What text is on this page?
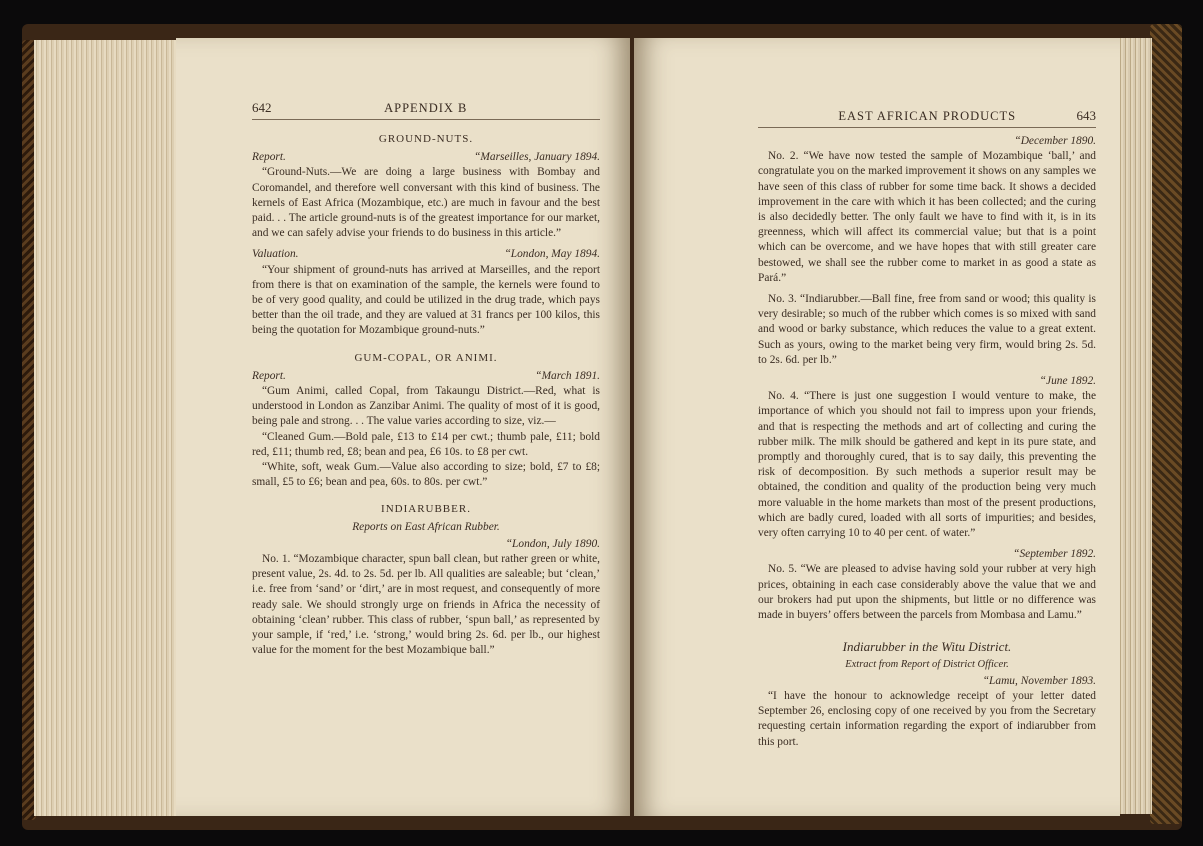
642	APPENDIX B
GROUND-NUTS.
Report.	“Marseilles, January 1894.

“Ground-Nuts.—We are doing a large business with Bombay and Coromandel, and therefore well conversant with this kind of business. The kernels of East Africa (Mozambique, etc.) are much in favour and the best paid. . . The article ground-nuts is of the greatest importance for our market, and we can safely advise your friends to do business in this article.”

Valuation.	“London, May 1894.

“Your shipment of ground-nuts has arrived at Marseilles, and the report from there is that on examination of the sample, the kernels were found to be of very good quality, and could be utilized in the drug trade, which pays better than the oil trade, and they are valued at 31 francs per 100 kilos, this being the quotation for Mozambique ground-nuts.”

GUM-COPAL, OR ANIMI.
Report.	“March 1891.

“Gum Animi, called Copal, from Takaungu District.—Red, what is understood in London as Zanzibar Animi. The quality of most of it is good, being pale and strong. . . The value varies according to size, viz.—

“Cleaned Gum.—Bold pale, £13 to £14 per cwt.; thumb pale, £11; bold red, £11; thumb red, £8; bean and pea, £6 10s. to £8 per cwt.

“White, soft, weak Gum.—Value also according to size; bold, £7 to £8; small, £5 to £6; bean and pea, 60s. to 80s. per cwt.”

INDIARUBBER.
Reports on East African Rubber.
“London, July 1890.

No. 1. “Mozambique character, spun ball clean, but rather green or white, present value, 2s. 4d. to 2s. 5d. per lb. All qualities are saleable; but ‘clean,’ i.e. free from ‘sand’ or ‘dirt,’ are in most request, and consequently of more ready sale. We should strongly urge on friends in Africa the necessity of obtaining ‘clean’ rubber. This class of rubber, ‘spun ball,’ as represented by your sample, if ‘red,’ i.e. ‘strong,’ would bring 2s. 6d. per lb., our highest value for the moment for the best Mozambique ball.”

EAST AFRICAN PRODUCTS	643
“December 1890.

No. 2. “We have now tested the sample of Mozambique ‘ball,’ and congratulate you on the marked improvement it shows on any samples we have seen of this class of rubber for some time back. It shows a decided improvement in the care with which it has been collected; and the curing is also decidedly better. The only fault we have to find with it, is in its greenness, which will affect its commercial value; but that is a point which can be overcome, and we have hopes that with still greater care bestowed, we shall see the rubber come to market in as good a state as Pará.”

No. 3. “Indiarubber.—Ball fine, free from sand or wood; this quality is very desirable; so much of the rubber which comes is so mixed with sand and wood or barky substance, which reduces the value to a great extent. Such as yours, owing to the market being very firm, would bring 2s. 5d. to 2s. 6d. per lb.”

“June 1892.

No. 4. “There is just one suggestion I would venture to make, the importance of which you should not fail to impress upon your friends, and that is respecting the methods and art of collecting and curing the rubber milk. The milk should be gathered and kept in its pure state, and promptly and thoroughly cured, that is to say daily, this preventing the risk of decomposition. By such methods a superior result may be obtained, the condition and quality of the production being very much more valuable in the home markets than most of the present productions, which are badly cured, loaded with all sorts of impurities; and besides, very often carrying 10 to 40 per cent. of water.”

“September 1892.

No. 5. “We are pleased to advise having sold your rubber at very high prices, obtaining in each case considerably above the value that we and our brokers had put upon the shipments, but little or no difference was made in buyers’ offers between the parcels from Mombasa and Lamu.”

Indiarubber in the Witu District.
Extract from Report of District Officer.
“Lamu, November 1893.

“I have the honour to acknowledge receipt of your letter dated September 26, enclosing copy of one received by you from the Secretary requesting certain information regarding the export of indiarubber from this port.
